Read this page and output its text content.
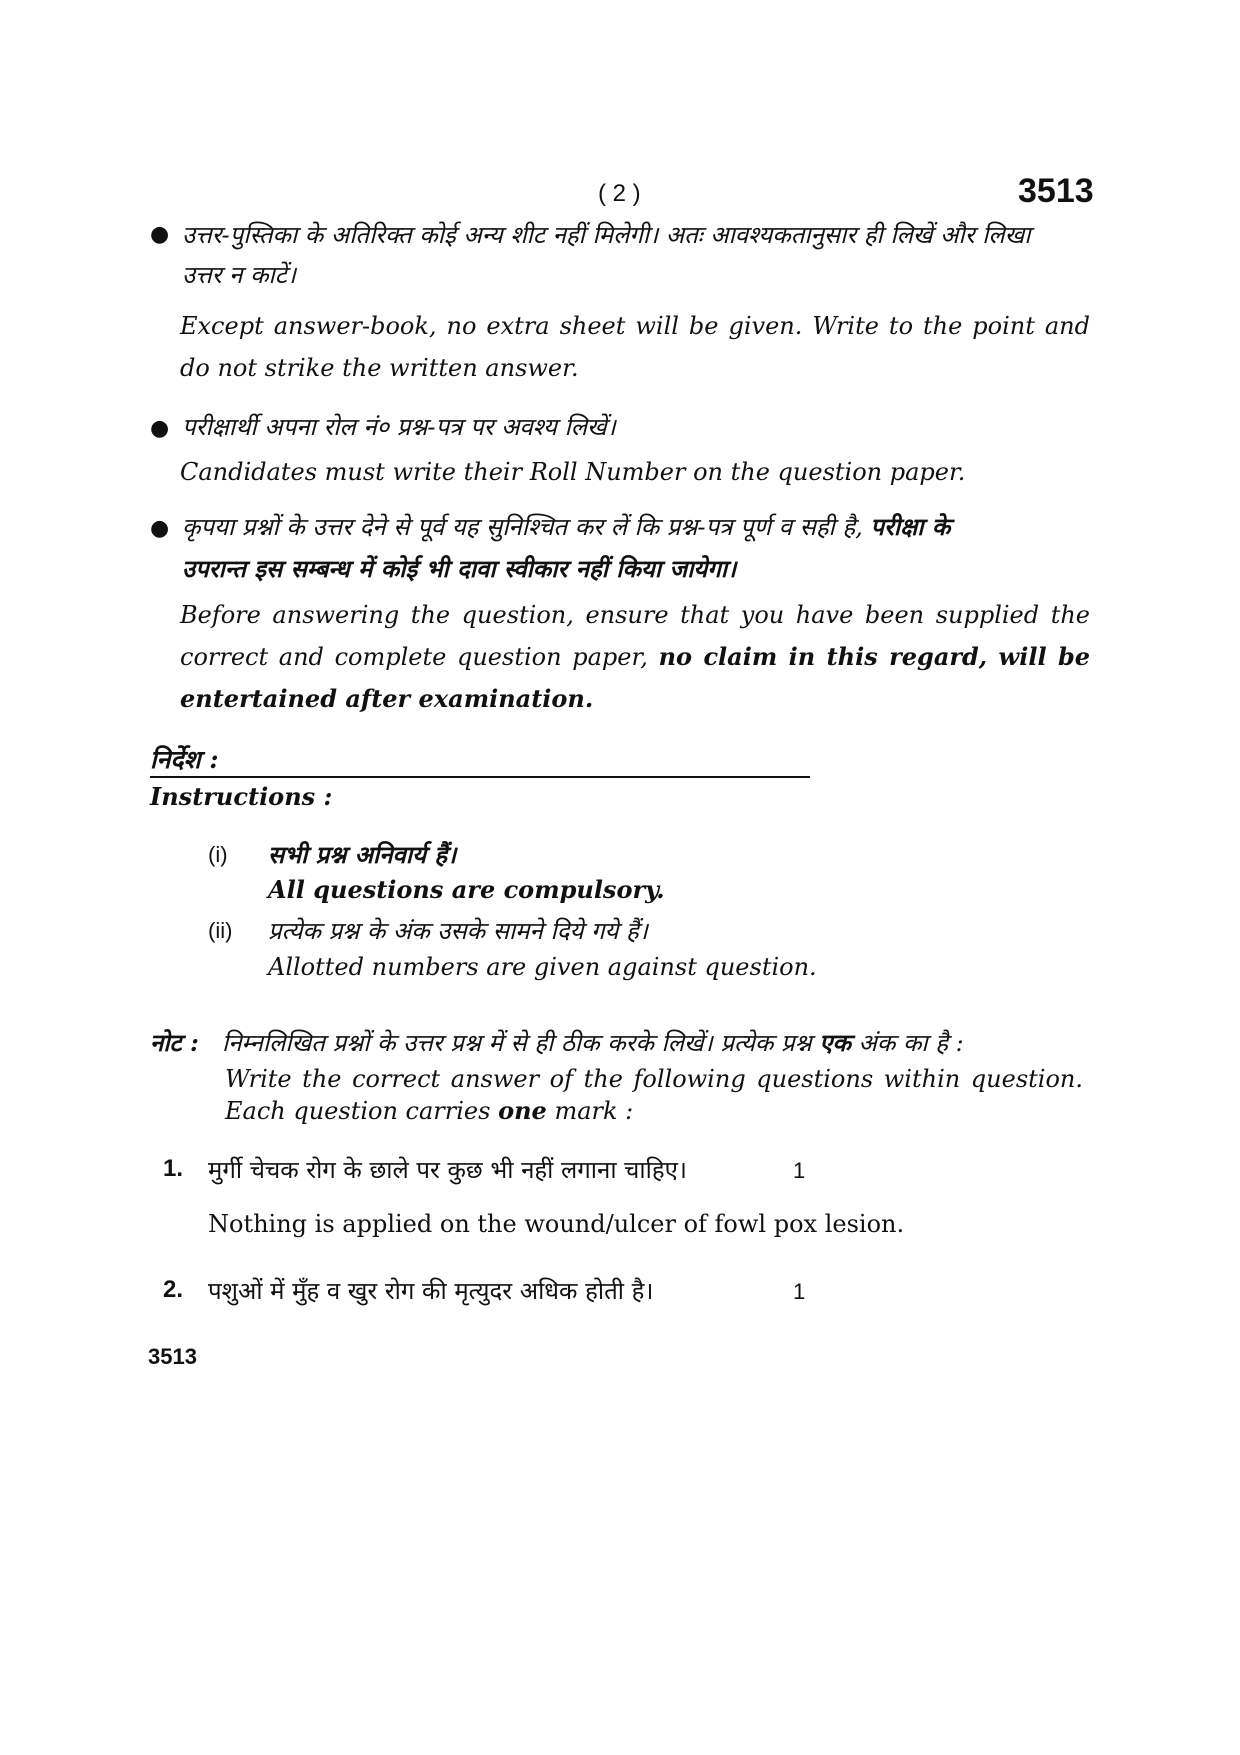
( 2 )	3513
● उत्तर-पुस्तिका के अतिरिक्त कोई अन्य शीट नहीं मिलेगी। अतः आवश्यकतानुसार ही लिखें और लिखा
उत्तर न काटें।
Except answer-book, no extra sheet will be given. Write to the point and do not strike the written answer.
● परीक्षार्थी अपना रोल नं० प्रश्न-पत्र पर अवश्य लिखें।
Candidates must write their Roll Number on the question paper.
● कृपया प्रश्नों के उत्तर देने से पूर्व यह सुनिश्चित कर लें कि प्रश्न-पत्र पूर्ण व सही है, परीक्षा के
उपरान्त इस सम्बन्ध में कोई भी दावा स्वीकार नहीं किया जायेगा।
Before answering the question, ensure that you have been supplied the correct and complete question paper, no claim in this regard, will be entertained after examination.
निर्देश :
Instructions :
(i) सभी प्रश्न अनिवार्य हैं।
All questions are compulsory.
(ii) प्रत्येक प्रश्न के अंक उसके सामने दिये गये हैं।
Allotted numbers are given against question.
नोट : निम्नलिखित प्रश्नों के उत्तर प्रश्न में से ही ठीक करके लिखें। प्रत्येक प्रश्न एक अंक का है :
Write the correct answer of the following questions within question.
Each question carries one mark :
1. मुर्गी चेचक रोग के छाले पर कुछ भी नहीं लगाना चाहिए।	1
Nothing is applied on the wound/ulcer of fowl pox lesion.
2. पशुओं में मुँह व खुर रोग की मृत्युदर अधिक होती है।	1
3513
